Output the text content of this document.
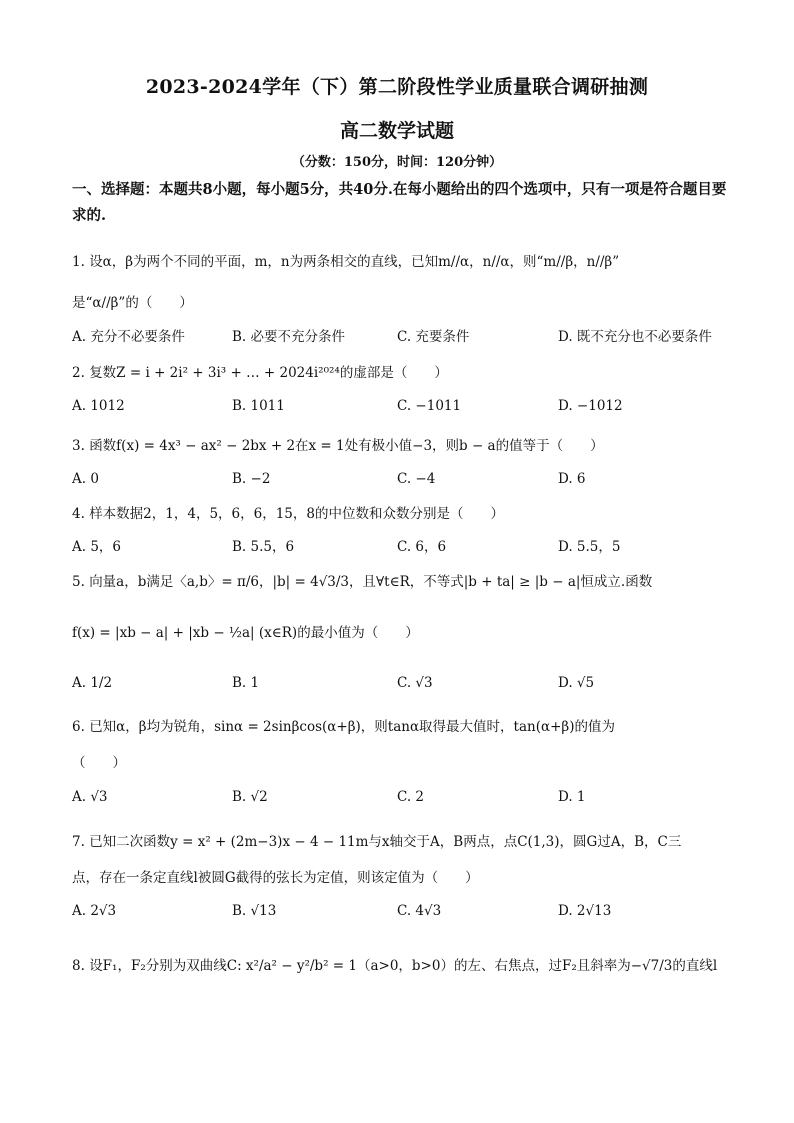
2023-2024学年（下）第二阶段性学业质量联合调研抽测
高二数学试题
（分数：150分，时间：120分钟）
一、选择题：本题共8小题，每小题5分，共40分.在每小题给出的四个选项中，只有一项是符合题目要求的.
1. 设α，β为两个不同的平面，m，n为两条相交的直线，已知m//α，n//α，则“m//β，n//β”
是“α//β”的（　　）
A. 充分不必要条件	B. 必要不充分条件	C. 充要条件	D. 既不充分也不必要条件
2. 复数Z = i + 2i² + 3i³ + … + 2024i²⁰²⁴的虚部是（　　）
A. 1012	B. 1011	C. −1011	D. −1012
3. 函数f(x) = 4x³ − ax² − 2bx + 2在x = 1处有极小值−3，则b − a的值等于（　　）
A. 0	B. −2	C. −4	D. 6
4. 样本数据2，1，4，5，6，6，15，8的中位数和众数分别是（　　）
A. 5，6	B. 5.5，6	C. 6，6	D. 5.5，5
5. 向量a，b满足〈a,b〉= π/6，|b| = 4√3/3，且∀t∈R，不等式|b + ta| ≥ |b − a|恒成立.函数
f(x) = |xb − a| + |xb − ½a| (x∈R)的最小值为（　　）
A. 1/2	B. 1	C. √3	D. √5
6. 已知α，β均为锐角，sinα = 2sinβcos(α+β)，则tanα取得最大值时，tan(α+β)的值为
（　　）
A. √3	B. √2	C. 2	D. 1
7. 已知二次函数y = x² + (2m−3)x − 4 − 11m与x轴交于A，B两点，点C(1,3)，圆G过A，B，C三
点，存在一条定直线l被圆G截得的弦长为定值，则该定值为（　　）
A. 2√3	B. √13	C. 4√3	D. 2√13
8. 设F₁，F₂分别为双曲线C: x²/a² − y²/b² = 1（a>0，b>0）的左、右焦点，过F₂且斜率为−√7/3的直线l
